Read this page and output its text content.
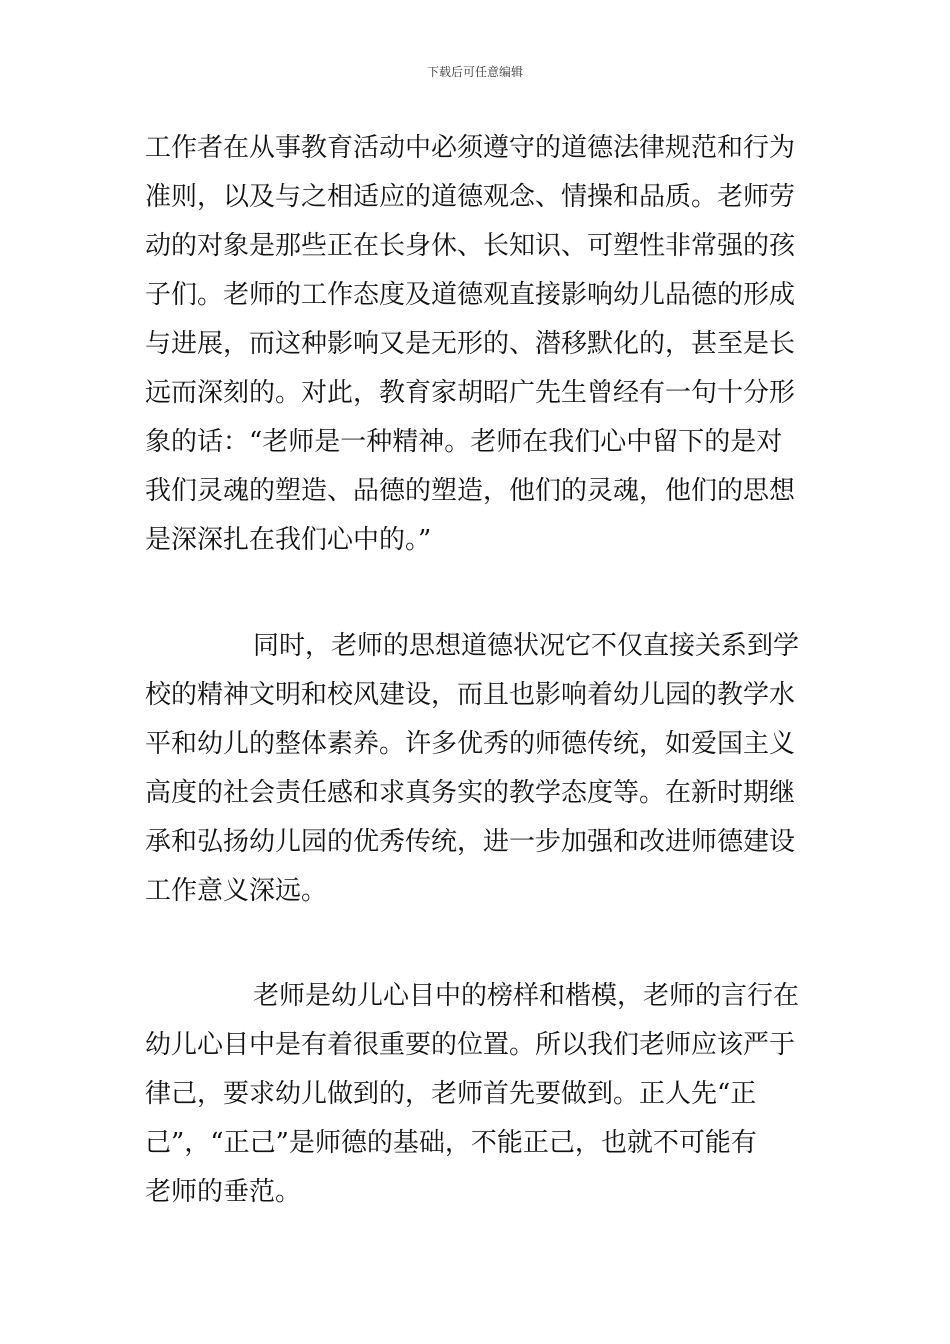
下载后可任意编辑
工作者在从事教育活动中必须遵守的道德法律规范和行为
准则，以及与之相适应的道德观念、情操和品质。老师劳
动的对象是那些正在长身休、长知识、可塑性非常强的孩
子们。老师的工作态度及道德观直接影响幼儿品德的形成
与进展，而这种影响又是无形的、潜移默化的，甚至是长
远而深刻的。对此，教育家胡昭广先生曾经有一句十分形
象的话：“老师是一种精神。老师在我们心中留下的是对
我们灵魂的塑造、品德的塑造，他们的灵魂，他们的思想
是深深扎在我们心中的。”
同时，老师的思想道德状况它不仅直接关系到学
校的精神文明和校风建设，而且也影响着幼儿园的教学水
平和幼儿的整体素养。许多优秀的师德传统，如爱国主义
高度的社会责任感和求真务实的教学态度等。在新时期继
承和弘扬幼儿园的优秀传统，进一步加强和改进师德建设
工作意义深远。
老师是幼儿心目中的榜样和楷模，老师的言行在
幼儿心目中是有着很重要的位置。所以我们老师应该严于
律己，要求幼儿做到的，老师首先要做到。正人先“正
己”，“正己”是师德的基础，不能正己，也就不可能有
老师的垂范。
